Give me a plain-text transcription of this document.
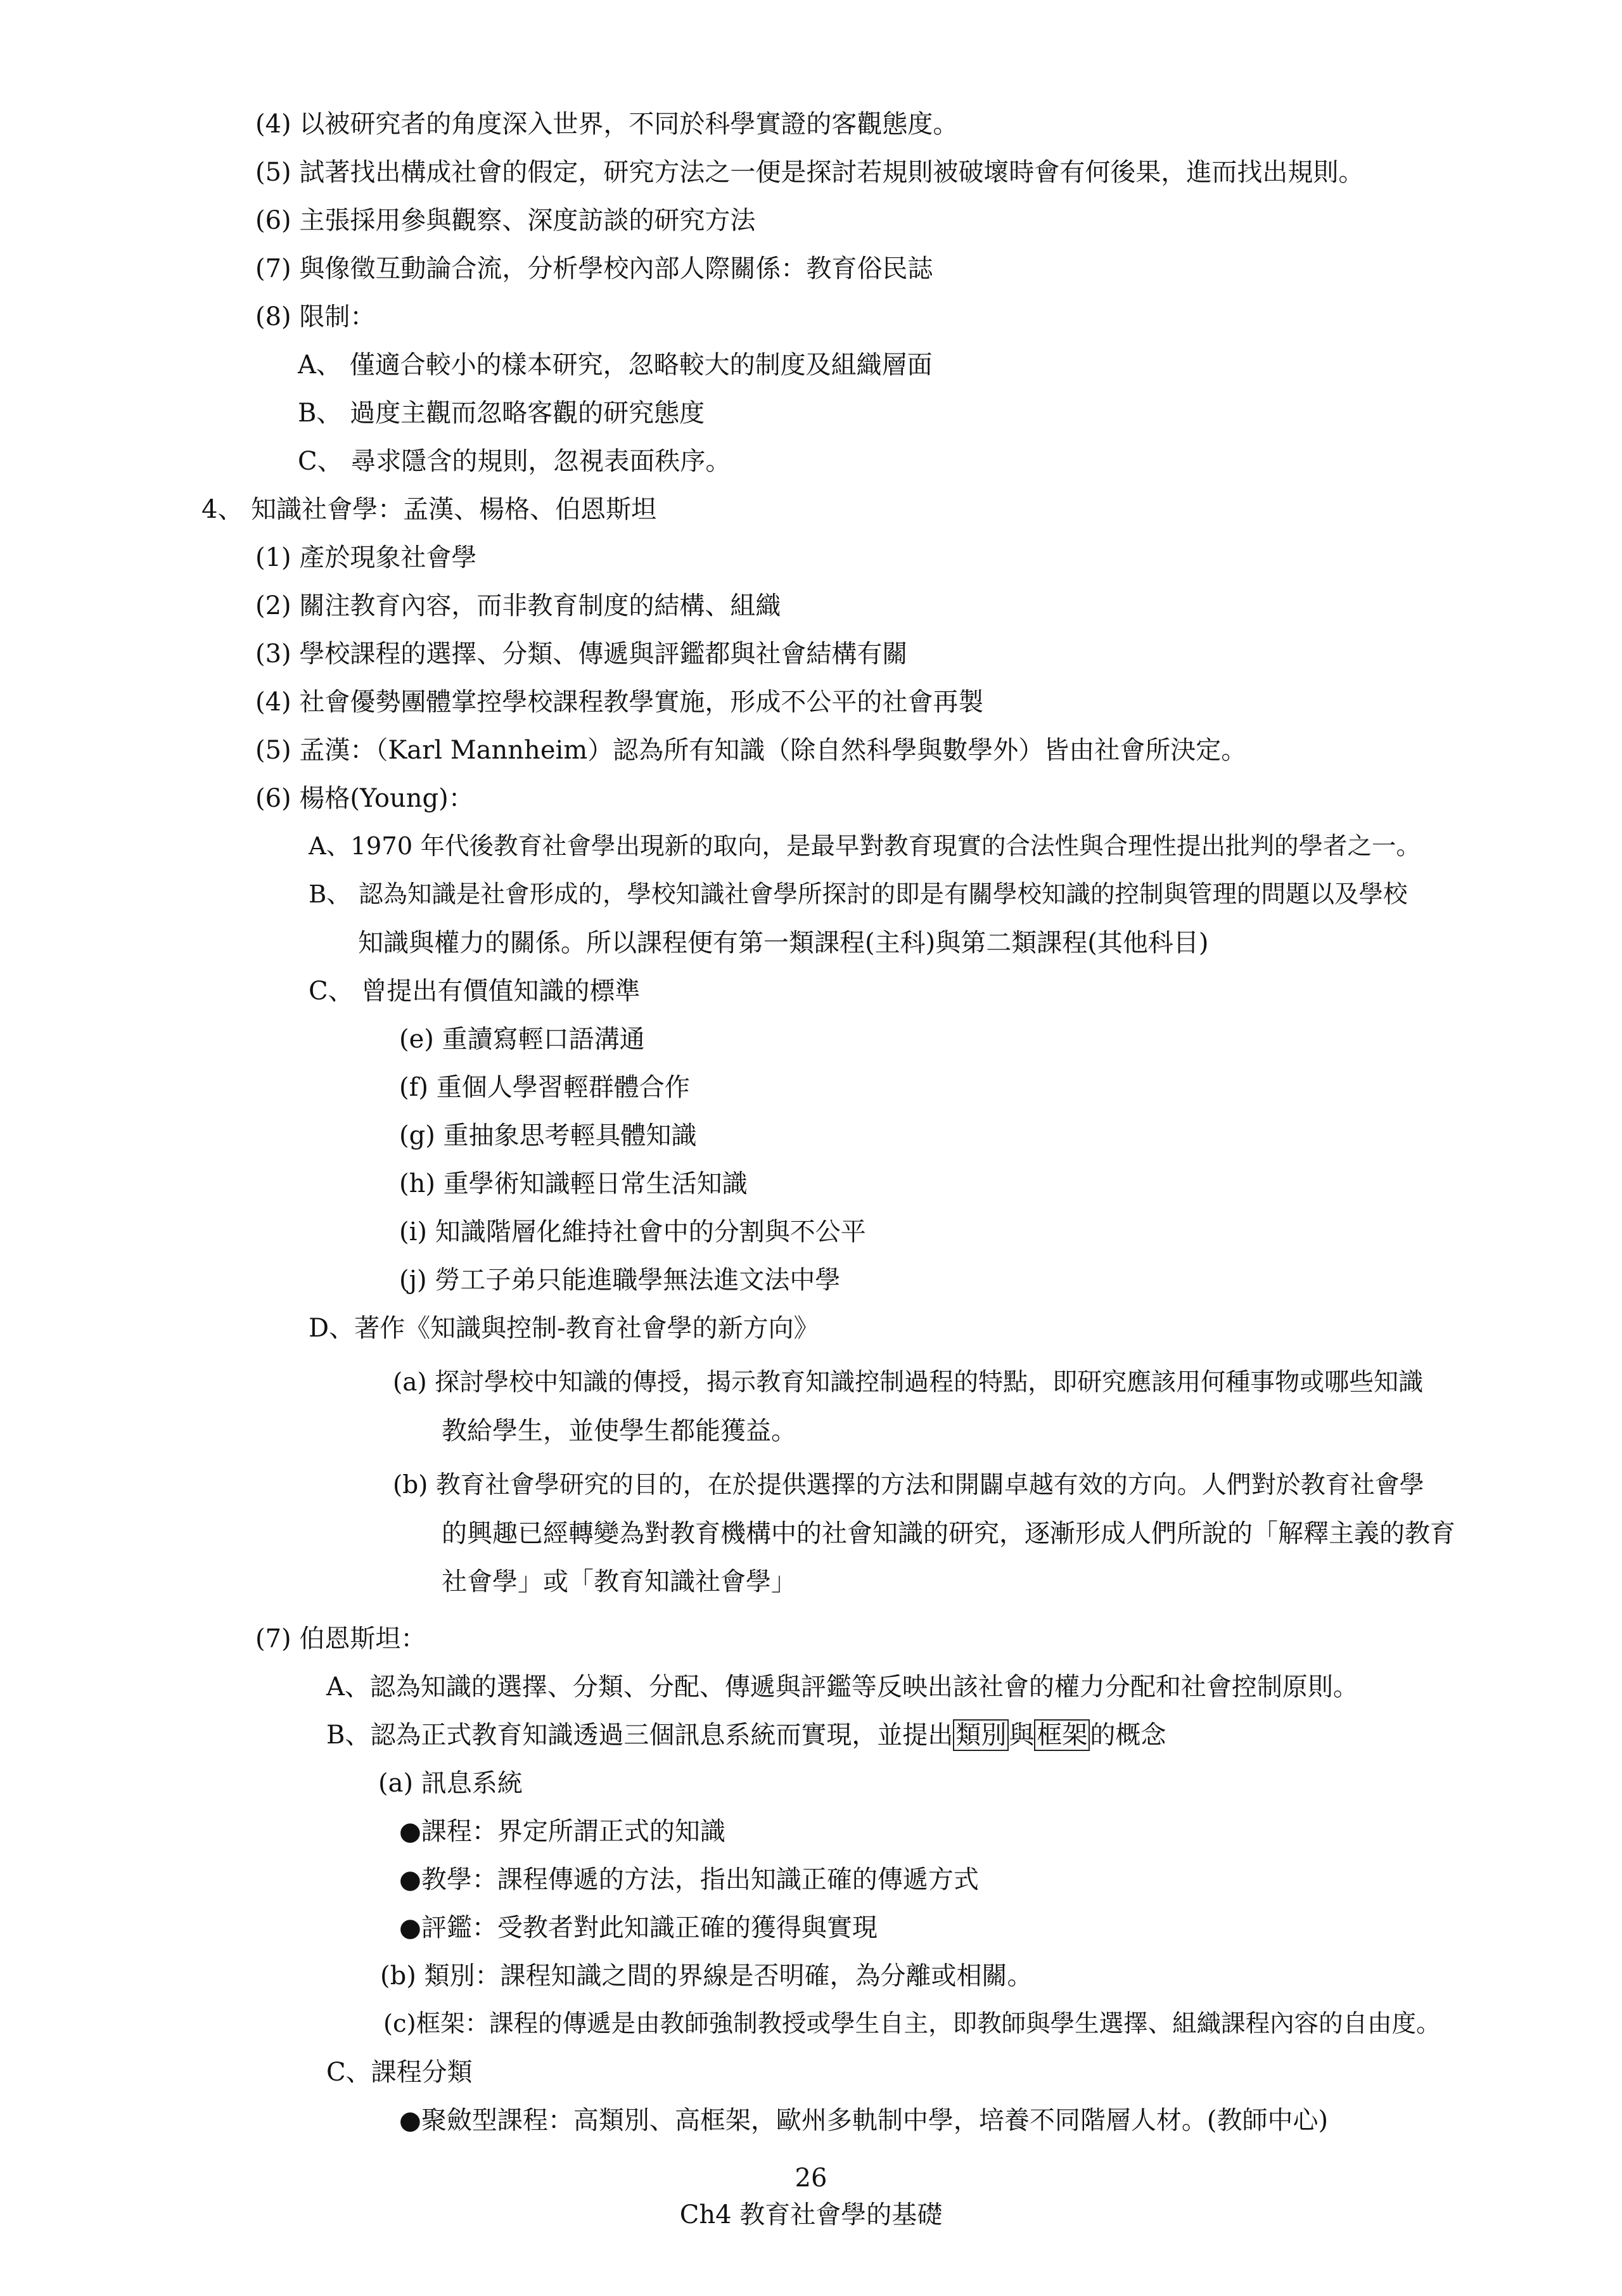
(4) 以被研究者的角度深入世界，不同於科學實證的客觀態度。
(5) 試著找出構成社會的假定，研究方法之一便是探討若規則被破壞時會有何後果，進而找出規則。
(6) 主張採用參與觀察、深度訪談的研究方法
(7) 與像徵互動論合流，分析學校內部人際關係：教育俗民誌
(8) 限制：
A、 僅適合較小的樣本研究，忽略較大的制度及組織層面
B、 過度主觀而忽略客觀的研究態度
C、 尋求隱含的規則，忽視表面秩序。
4、 知識社會學：孟漢、楊格、伯恩斯坦
(1) 產於現象社會學
(2) 關注教育內容，而非教育制度的結構、組織
(3) 學校課程的選擇、分類、傳遞與評鑑都與社會結構有關
(4) 社會優勢團體掌控學校課程教學實施，形成不公平的社會再製
(5) 孟漢：（Karl Mannheim）認為所有知識（除自然科學與數學外）皆由社會所決定。
(6) 楊格(Young)：
A、1970 年代後教育社會學出現新的取向，是最早對教育現實的合法性與合理性提出批判的學者之一。
B、 認為知識是社會形成的，學校知識社會學所探討的即是有關學校知識的控制與管理的問題以及學校
知識與權力的關係。所以課程便有第一類課程(主科)與第二類課程(其他科目)
C、 曾提出有價值知識的標準
(e) 重讀寫輕口語溝通
(f) 重個人學習輕群體合作
(g) 重抽象思考輕具體知識
(h) 重學術知識輕日常生活知識
(i) 知識階層化維持社會中的分割與不公平
(j) 勞工子弟只能進職學無法進文法中學
D、著作《知識與控制-教育社會學的新方向》
(a) 探討學校中知識的傳授，揭示教育知識控制過程的特點，即研究應該用何種事物或哪些知識
教給學生，並使學生都能獲益。
(b) 教育社會學研究的目的，在於提供選擇的方法和開闢卓越有效的方向。人們對於教育社會學
的興趣已經轉變為對教育機構中的社會知識的研究，逐漸形成人們所說的「解釋主義的教育
社會學」或「教育知識社會學」
(7) 伯恩斯坦：
A、認為知識的選擇、分類、分配、傳遞與評鑑等反映出該社會的權力分配和社會控制原則。
B、認為正式教育知識透過三個訊息系統而實現，並提出 類別 與 框架 的概念
(a) 訊息系統
●課程：界定所謂正式的知識
●教學：課程傳遞的方法，指出知識正確的傳遞方式
●評鑑：受教者對此知識正確的獲得與實現
(b) 類別：課程知識之間的界線是否明確，為分離或相關。
(c)框架：課程的傳遞是由教師強制教授或學生自主，即教師與學生選擇、組織課程內容的自由度。
C、課程分類
●聚斂型課程：高類別、高框架，歐州多軌制中學，培養不同階層人材。(教師中心)
26
Ch4 教育社會學的基礎
